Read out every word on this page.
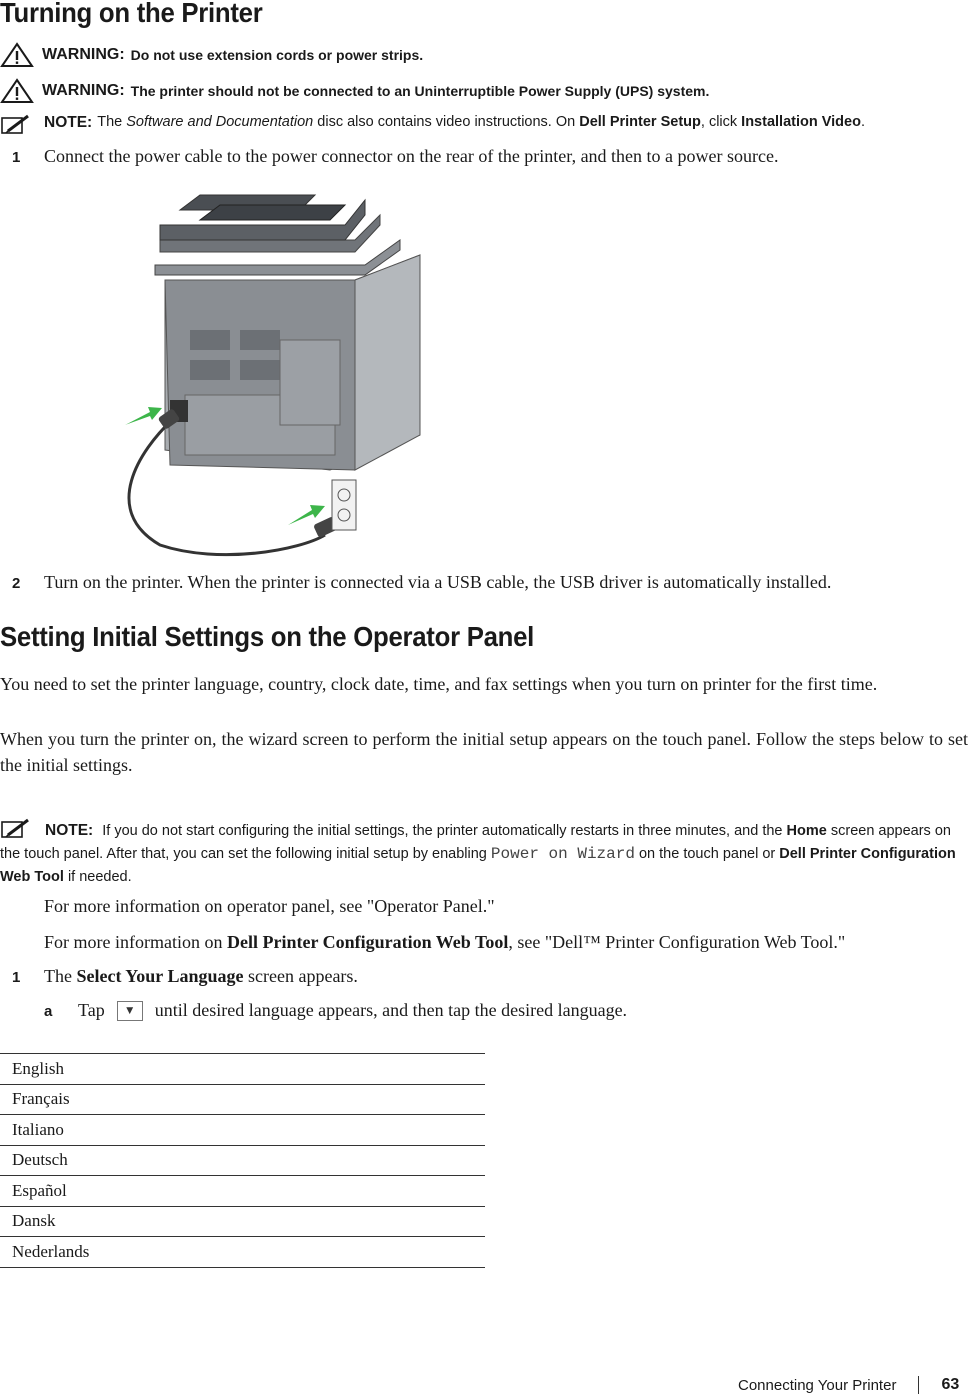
Turning on the Printer
WARNING: Do not use extension cords or power strips.
WARNING: The printer should not be connected to an Uninterruptible Power Supply (UPS) system.
NOTE: The
Software and Documentation
disc also contains video instructions. On
Dell Printer Setup , click
Installation Video .
1 Connect the power cable to the power connector on the rear of the printer, and then to a power source.
2 Turn on the printer. When the printer is connected via a USB cable, the USB driver is automatically installed.
Setting Initial Settings on the Operator Panel
You need to set the printer language, country, clock date, time, and fax settings when you turn on printer for the first time.
When you turn the printer on, the wizard screen to perform the initial setup appears on the touch panel. Follow the steps below to set the initial settings.
NOTE: If you do not start configuring the initial settings, the printer automatically restarts in three minutes, and the Home screen appears on the touch panel. After that, you can set the following initial setup by enabling Power on Wizard on the touch panel or Dell Printer Configuration Web Tool if needed.
For more information on operator panel, see "Operator Panel."
For more information on Dell Printer Configuration Web Tool, see "Dell™ Printer Configuration Web Tool."
1 The Select Your Language screen appears.
a Tap	▼	until desired language appears, and then tap the desired language.
English
Français
Italiano
Deutsch
Español
Dansk
Nederlands
Connecting Your Printer	63
